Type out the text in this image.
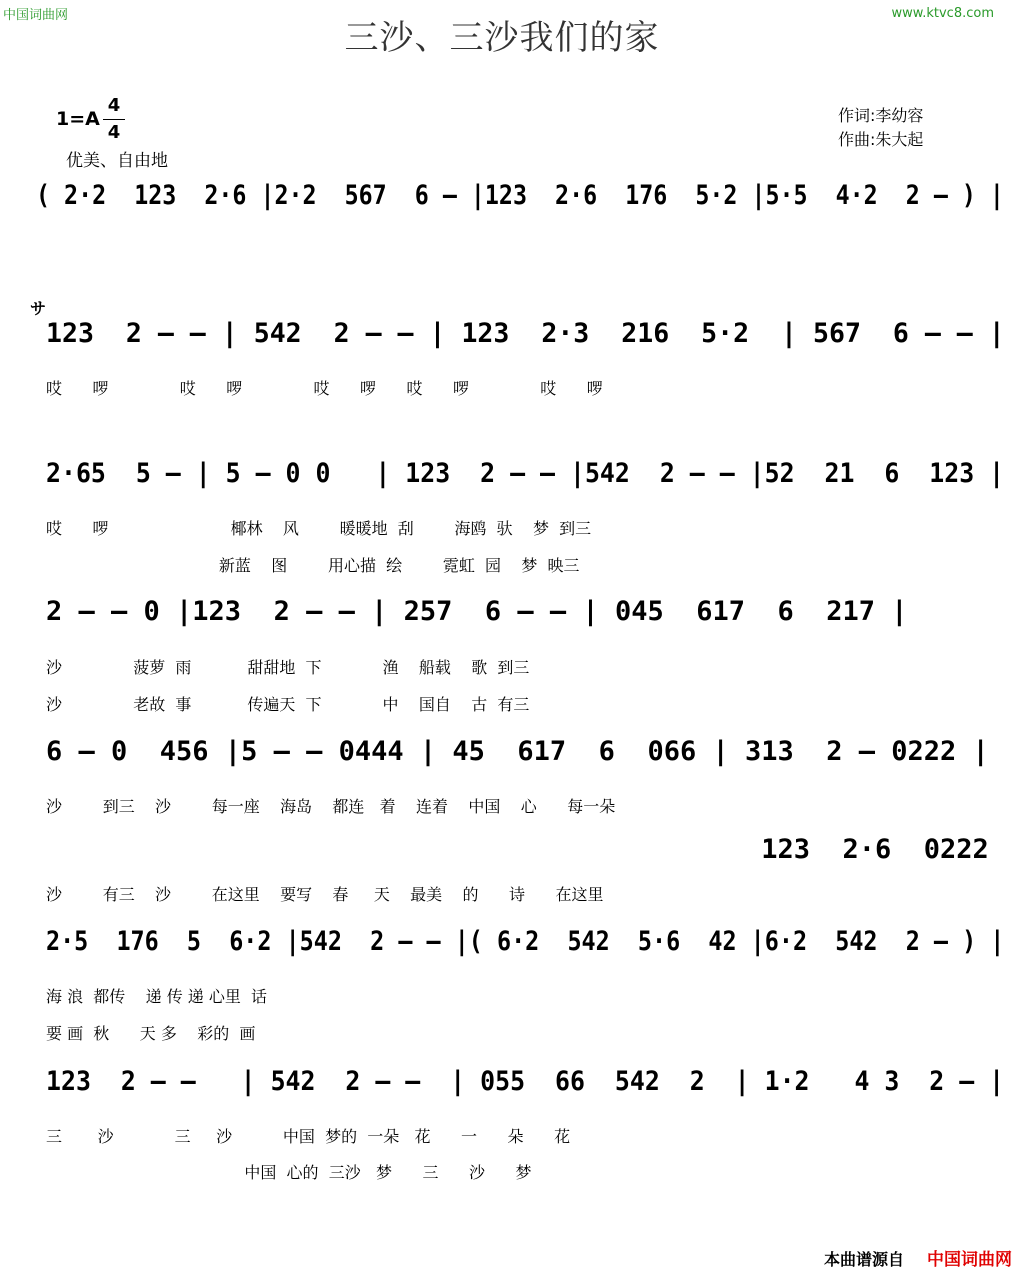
中国词曲网	www.ktvc8.com
三沙、三沙我们的家
1=A
4
4
优美、自由地
作词:李幼容
作曲:朱大起
( 2·2  123  2·6 |2·2  567  6 – |123  2·6  176  5·2 |5·5  4·2  2 – ) |
サ
123  2 – – | 542  2 – – | 123  2·3  216  5·2  | 567  6 – – |
哎      啰              哎      啰              哎      啰      哎      啰              哎      啰
2·65  5 – | 5 – 0 0   | 123  2 – – |542  2 – – |52  21  6  123 |
哎      啰                        椰林    风        暖暖地  刮        海鸥  驮    梦  到三
新蓝    图        用心描  绘        霓虹  园    梦  映三
2 – – 0 |123  2 – – | 257  6 – – | 045  617  6  217 |
沙              菠萝  雨           甜甜地  下            渔    船载    歌  到三
沙              老故  事           传遍天  下            中    国自    古  有三
6 – 0  456 |5 – – 0444 | 45  617  6  066 | 313  2 – 0222 |
沙        到三    沙        每一座    海岛    都连   着    连着    中国    心      每一朵
123  2·6  0222
沙        有三    沙        在这里    要写    春     天    最美    的      诗      在这里
2·5  176  5  6·2 |542  2 – – |( 6·2  542  5·6  42 |6·2  542  2 – ) |
海 浪  都传    递 传 递 心里  话
要 画  秋      天 多    彩的  画
123  2 – –   | 542  2 – –  | 055  66  542  2  | 1·2   4 3  2 – |
三       沙            三     沙          中国  梦的  一朵   花      一      朵      花
中国  心的  三沙   梦      三      沙      梦
本曲谱源自 中国词曲网
